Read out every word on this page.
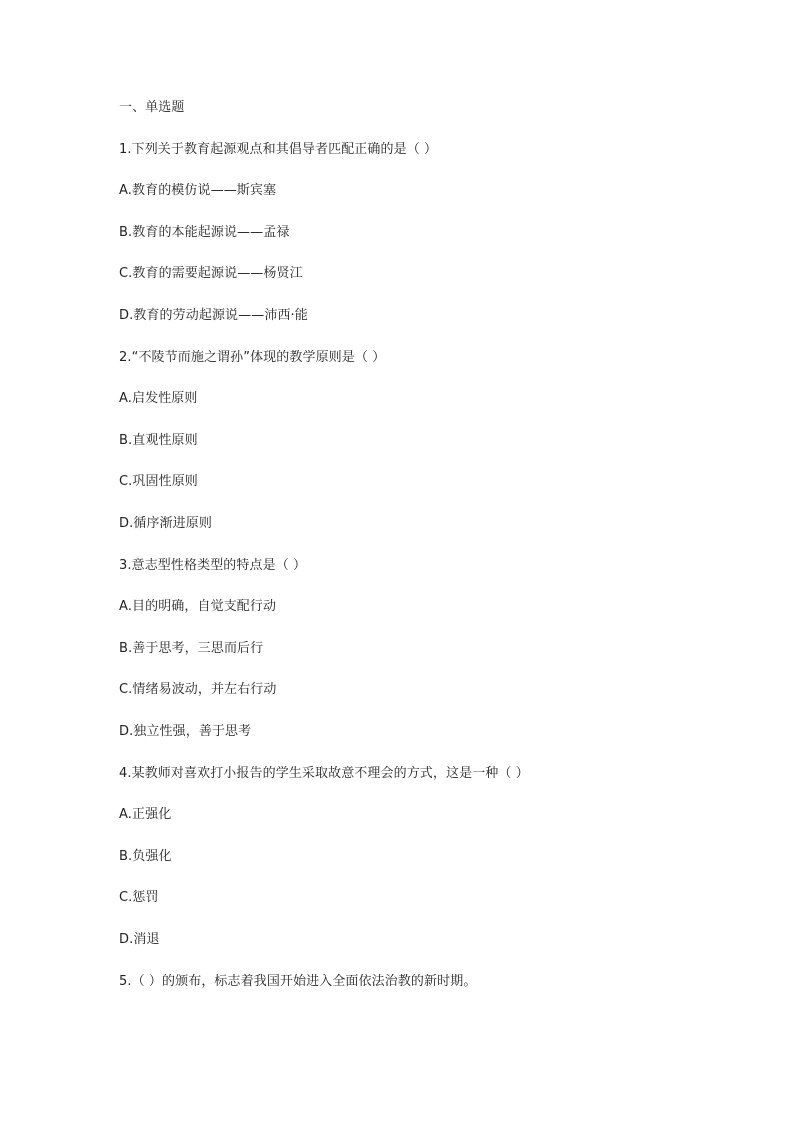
一、单选题
1.下列关于教育起源观点和其倡导者匹配正确的是（ ）
A.教育的模仿说——斯宾塞
B.教育的本能起源说——孟禄
C.教育的需要起源说——杨贤江
D.教育的劳动起源说——沛西·能
2.“不陵节而施之谓孙”体现的教学原则是（ ）
A.启发性原则
B.直观性原则
C.巩固性原则
D.循序渐进原则
3.意志型性格类型的特点是（ ）
A.目的明确，自觉支配行动
B.善于思考，三思而后行
C.情绪易波动，并左右行动
D.独立性强，善于思考
4.某教师对喜欢打小报告的学生采取故意不理会的方式，这是一种（ ）
A.正强化
B.负强化
C.惩罚
D.消退
5.（ ）的颁布，标志着我国开始进入全面依法治教的新时期。
